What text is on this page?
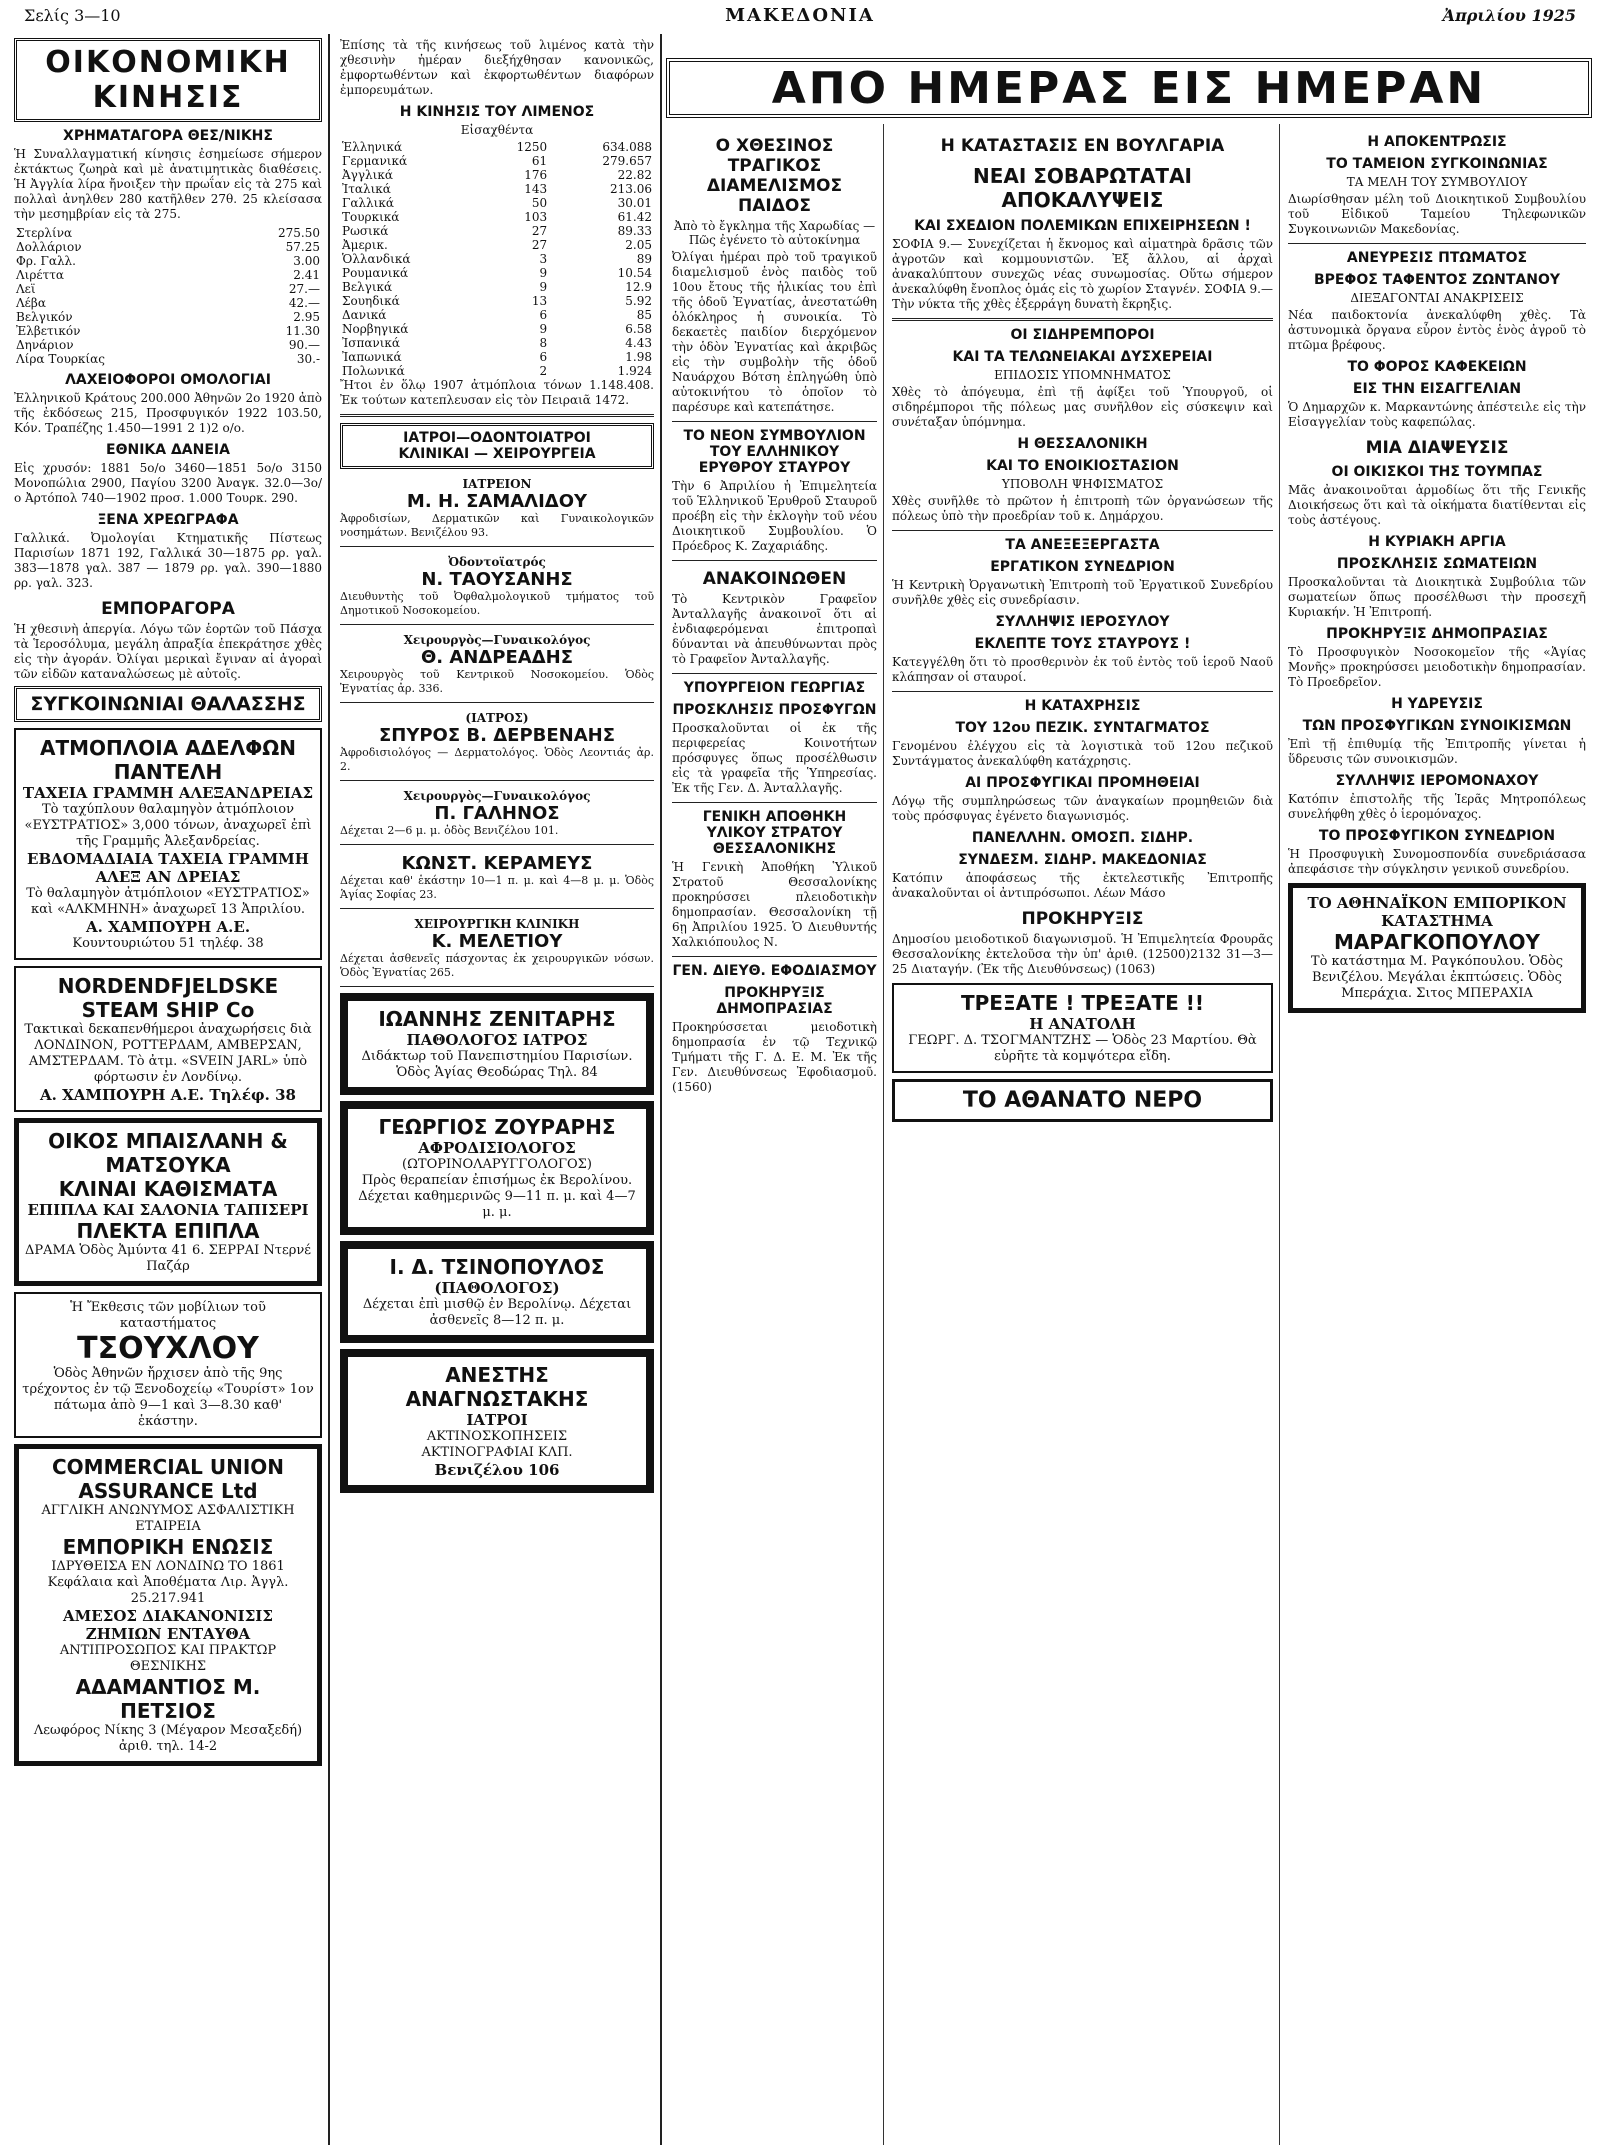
Σελίς 3—10	ΜΑΚΕΔΟΝΙΑ	Ἀπριλίου 1925
ΑΠΟ ΗΜΕΡΑΣ ΕΙΣ ΗΜΕΡΑΝ
ΟΙΚΟΝΟΜΙΚΗ ΚΙΝΗΣΙΣ
ΧΡΗΜΑΤΑΓΟΡΑ ΘΕΣ/ΝΙΚΗΣ
Ἡ Συναλλαγματική κίνησις ἐσημείωσε σήμερον ἐκτάκτως ζωηρὰ καὶ μὲ ἀνατιμητικὰς διαθέσεις. Ἡ Ἀγγλία λίρα ἤνοιξεν τὴν πρωΐαν εἰς τὰ 275 καὶ πολλαὶ ἀνηλθεν 280 κατῆλθεν 27θ. 25 κλείσασα τὴν μεσημβρίαν εἰς τὰ 275.
Στερλίνα	275.50
Δολλάριον	57.25
Φρ. Γαλλ.	3.00
Λιρέττα	2.41
Λεϊ	27.—
Λέβα	42.—
Βελγικόν	2.95
Ἐλβετικόν	11.30
Δηνάριον	90.—
Λίρα Τουρκίας	30.-
ΛΑΧΕΙΟΦΟΡΟΙ ΟΜΟΛΟΓΙΑΙ
Ἐλληνικοῦ Κράτους 200.000 Ἀθηνῶν 2ο 1920 ἀπὸ τῆς ἐκδόσεως 215, Προσφυγικόν 1922 103.50, Κόν. Τραπέζης 1.450—1991 2 1)2 ο/ο.
ΕΘΝΙΚΑ ΔΑΝΕΙΑ
Εἰς χρυσόν: 1881 5ο/ο 3460—1851 5ο/ο 3150 Μονοπώλια 2900, Παγίου 3200 Ἀναγκ. 32.0—3ο/ο Ἀρτόπολ 740—1902 προσ. 1.000 Τουρκ. 290.
ΞΕΝΑ ΧΡΕΩΓΡΑΦΑ
Γαλλικά. Ὀμολογίαι Κτηματικῆς Πίστεως Παρισίων 1871 192, Γαλλικά 30—1875 ρρ. γαλ. 383—1878 γαλ. 387 — 1879 ρρ. γαλ. 390—1880 ρρ. γαλ. 323.
ΕΜΠΟΡΑΓΟΡΑ
Ἡ χθεσινὴ ἀπεργία. Λόγω τῶν ἑορτῶν τοῦ Πάσχα τὰ Ἱεροσόλυμα, μεγάλη ἀπραξία ἐπεκράτησε χθὲς εἰς τὴν ἀγοράν. Ὀλίγαι μερικαὶ ἔγιναν αἱ ἀγοραὶ τῶν εἰδῶν καταναλώσεως μὲ αὐτοῖς.
ΣΥΓΚΟΙΝΩΝΙΑΙ ΘΑΛΑΣΣΗΣ
ΑΤΜΟΠΛΟΙΑ ΑΔΕΛΦΩΝ ΠΑΝΤΕΛΗ
ΤΑΧΕΙΑ ΓΡΑΜΜΗ ΑΛΕΞΑΝΔΡΕΙΑΣ
Τὸ ταχύπλουν θαλαμηγὸν ἀτμόπλοιον «ΕΥΣΤΡΑΤΙΟΣ» 3,000 τόνων, ἀναχωρεῖ ἐπὶ τῆς Γραμμῆς Ἀλεξανδρείας.
ΕΒΔΟΜΑΔΙΑΙΑ ΤΑΧΕΙΑ ΓΡΑΜΜΗ ΑΛΕΞ ΑΝ ΔΡΕΙΑΣ
Τὸ θαλαμηγὸν ἀτμόπλοιον «ΕΥΣΤΡΑΤΙΟΣ» καὶ «ΑΛΚΜΗΝΗ» ἀναχωρεῖ 13 Ἀπριλίου.
Α. ΧΑΜΠΟΥΡΗ Α.Ε.
Κουντουριώτου 51 τηλέφ. 38
NORDENDFJELDSKE STEAM SHIP Co
Τακτικαὶ δεκαπενθήμεροι ἀναχωρήσεις διὰ ΛΟΝΔΙΝΟΝ, ΡΟΤΤΕΡΔΑΜ, ΑΜΒΕΡΣΑΝ, ΑΜΣΤΕΡΔΑΜ. Τὸ ἀτμ. «SVEIN JARL» ὑπὸ φόρτωσιν ἐν Λονδίνῳ.
Α. ΧΑΜΠΟΥΡΗ Α.Ε. Τηλέφ. 38
ΟΙΚΟΣ ΜΠΑΙΣΛΑΝΗ & ΜΑΤΣΟΥΚΑ
ΚΛΙΝΑΙ ΚΑΘΙΣΜΑΤΑ
ΕΠΙΠΛΑ ΚΑΙ ΣΑΛΟΝΙΑ ΤΑΠΙΣΕΡΙ
ΠΛΕΚΤΑ ΕΠΙΠΛΑ
ΔΡΑΜΑ Ὁδὸς Ἀμύντα 41 6. ΣΕΡΡΑΙ Ντερνέ Παζάρ
Ἡ Ἔκθεσις τῶν μοβίλιων τοῦ καταστήματος
ΤΣΟΥΧΛΟΥ
Ὁδὸς Ἀθηνῶν ἤρχισεν ἀπὸ τῆς 9ης τρέχοντος ἐν τῷ Ξενοδοχείῳ «Τουρίστ» 1ον πάτωμα ἀπὸ 9—1 καὶ 3—8.30 καθ' ἑκάστην.
COMMERCIAL UNION ASSURANCE Ltd
ΑΓΓΛΙΚΗ ΑΝΩΝΥΜΟΣ ΑΣΦΑΛΙΣΤΙΚΗ ΕΤΑΙΡΕΙΑ
ΕΜΠΟΡΙΚΗ ΕΝΩΣΙΣ
ΙΔΡΥΘΕΙΣΑ ΕΝ ΛΟΝΔΙΝΩ ΤΟ 1861
Κεφάλαια καὶ Ἀποθέματα Λιρ. Ἀγγλ. 25.217.941
ΑΜΕΣΟΣ ΔΙΑΚΑΝΟΝΙΣΙΣ ΖΗΜΙΩΝ ΕΝΤΑΥΘΑ
ΑΝΤΙΠΡΟΣΩΠΟΣ ΚΑΙ ΠΡΑΚΤΩΡ ΘΕΣΝΙΚΗΣ
ΑΔΑΜΑΝΤΙΟΣ Μ. ΠΕΤΣΙΟΣ
Λεωφόρος Νίκης 3 (Μέγαρον Μεσαξεδή) ἀριθ. τηλ. 14-2
Ἐπίσης τὰ τῆς κινήσεως τοῦ λιμένος κατὰ τὴν χθεσινὴν ἡμέραν διεξήχθησαν κανονικῶς, ἐμφορτωθέντων καὶ ἐκφορτωθέντων διαφόρων ἐμπορευμάτων.
Η ΚΙΝΗΣΙΣ ΤΟΥ ΛΙΜΕΝΟΣ
Εἰσαχθέντα
Ἑλληνικά	1250	634.088
Γερμανικά	61	279.657
Ἀγγλικά	176	22.82
Ἰταλικά	143	213.06
Γαλλικά	50	30.01
Τουρκικά	103	61.42
Ρωσικά	27	89.33
Ἀμερικ.	27	2.05
Ὁλλανδικά	3	89
Ρουμανικά	9	10.54
Βελγικά	9	12.9
Σουηδικά	13	5.92
Δανικά	6	85
Νορβηγικά	9	6.58
Ἰσπανικά	8	4.43
Ἰαπωνικά	6	1.98
Πολωνικά	2	1.924
Ἤτοι ἐν ὅλῳ 1907 ἀτμόπλοια τόνων 1.148.408. Ἐκ τούτων κατεπλευσαν εἰς τὸν Πειραιᾶ 1472.
ΙΑΤΡΟΙ—ΟΔΟΝΤΟΙΑΤΡΟΙ
ΚΛΙΝΙΚΑΙ — ΧΕΙΡΟΥΡΓΕΙΑ
ΙΑΤΡΕΙΟΝ
Μ. Η. ΣΑΜΑΛΙΔΟΥ
Ἀφροδισίων, Δερματικῶν καὶ Γυναικολογικῶν νοσημάτων. Βενιζέλου 93.
Ὀδοντοϊατρός
Ν. ΤΑΟΥΣΑΝΗΣ
Διευθυντὴς τοῦ Ὀφθαλμολογικοῦ τμήματος τοῦ Δημοτικοῦ Νοσοκομείου.
Χειρουργὸς—Γυναικολόγος
Θ. ΑΝΔΡΕΑΔΗΣ
Χειρουργὸς τοῦ Κεντρικοῦ Νοσοκομείου. Ὁδὸς Ἐγνατίας ἀρ. 336.
(ΙΑΤΡΟΣ)
ΣΠΥΡΟΣ Β. ΔΕΡΒΕΝΑΗΣ
Ἀφροδισιολόγος — Δερματολόγος. Ὁδὸς Λεοντιάς ἀρ. 2.
Χειρουργὸς—Γυναικολόγος
Π. ΓΑΛΗΝΟΣ
Δέχεται 2—6 μ. μ. ὁδὸς Βενιζέλου 101.
ΚΩΝΣΤ. ΚΕΡΑΜΕΥΣ
Δέχεται καθ' ἑκάστην 10—1 π. μ. καὶ 4—8 μ. μ. Ὁδὸς Ἁγίας Σοφίας 23.
ΧΕΙΡΟΥΡΓΙΚΗ ΚΛΙΝΙΚΗ
Κ. ΜΕΛΕΤΙΟΥ
Δέχεται ἀσθενεῖς πάσχοντας ἐκ χειρουργικῶν νόσων. Ὁδὸς Ἐγνατίας 265.
ΙΩΑΝΝΗΣ ΖΕΝΙΤΑΡΗΣ
ΠΑΘΟΛΟΓΟΣ ΙΑΤΡΟΣ
Διδάκτωρ τοῦ Πανεπιστημίου Παρισίων. Ὁδὸς Ἁγίας Θεοδώρας Τηλ. 84
ΓΕΩΡΓΙΟΣ ΖΟΥΡΑΡΗΣ
ΑΦΡΟΔΙΣΙΟΛΟΓΟΣ
(ΩΤΟΡΙΝΟΛΑΡΥΓΓΟΛΟΓΟΣ)
Πρὸς θεραπείαν ἐπισήμως ἐκ Βερολίνου. Δέχεται καθημερινῶς 9—11 π. μ. καὶ 4—7 μ. μ.
Ι. Δ. ΤΣΙΝΟΠΟΥΛΟΣ
(ΠΑΘΟΛΟΓΟΣ)
Δέχεται ἐπὶ μισθῷ ἐν Βερολίνῳ. Δέχεται ἀσθενεῖς 8—12 π. μ.
ΑΝΕΣΤΗΣ ΑΝΑΓΝΩΣΤΑΚΗΣ
ΙΑΤΡΟΙ
ΑΚΤΙΝΟΣΚΟΠΗΣΕΙΣ
ΑΚΤΙΝΟΓΡΑΦΙΑΙ ΚΛΠ.
Βενιζέλου 106
Ο ΧΘΕΣΙΝΟΣ ΤΡΑΓΙΚΟΣ ΔΙΑΜΕΛΙΣΜΟΣ ΠΑΙΔΟΣ
Ἀπὸ τὸ ἔγκλημα τῆς Χαρωδίας — Πῶς ἐγένετο τὸ αὐτοκίνημα
Ὀλίγαι ἡμέραι πρὸ τοῦ τραγικοῦ διαμελισμοῦ ἑνὸς παιδὸς τοῦ 10ου ἔτους τῆς ἡλικίας του ἐπὶ τῆς ὁδοῦ Ἐγνατίας, ἀνεστατώθη ὁλόκληρος ἡ συνοικία. Τὸ δεκαετὲς παιδίον διερχόμενον τὴν ὁδὸν Ἐγνατίας καὶ ἀκριβῶς εἰς τὴν συμβολὴν τῆς ὁδοῦ Ναυάρχου Βότση ἐπληγώθη ὑπὸ αὐτοκινήτου τὸ ὁποῖον τὸ παρέσυρε καὶ κατεπάτησε.
ΤΟ ΝΕΟΝ ΣΥΜΒΟΥΛΙΟΝ ΤΟΥ ΕΛΛΗΝΙΚΟΥ ΕΡΥΘΡΟΥ ΣΤΑΥΡΟΥ
Τὴν 6 Ἀπριλίου ἡ Ἐπιμελητεία τοῦ Ἑλληνικοῦ Ἐρυθροῦ Σταυροῦ προέβη εἰς τὴν ἐκλογὴν τοῦ νέου Διοικητικοῦ Συμβουλίου. Ὁ Πρόεδρος Κ. Ζαχαριάδης.
ΑΝΑΚΟΙΝΩΘΕΝ
Τὸ Κεντρικὸν Γραφεῖον Ἀνταλλαγῆς ἀνακοινοῖ ὅτι αἱ ἐνδιαφερόμεναι ἐπιτροπαὶ δύνανται νὰ ἀπευθύνωνται πρὸς τὸ Γραφεῖον Ἀνταλλαγῆς.
ΥΠΟΥΡΓΕΙΟΝ ΓΕΩΡΓΙΑΣ
ΠΡΟΣΚΛΗΣΙΣ ΠΡΟΣΦΥΓΩΝ
Προσκαλοῦνται οἱ ἐκ τῆς περιφερείας Κοινοτήτων πρόσφυγες ὅπως προσέλθωσιν εἰς τὰ γραφεῖα τῆς Ὑπηρεσίας. Ἐκ τῆς Γεν. Δ. Ἀνταλλαγῆς.
ΓΕΝΙΚΗ ΑΠΟΘΗΚΗ ΥΛΙΚΟΥ ΣΤΡΑΤΟΥ ΘΕΣΣΑΛΟΝΙΚΗΣ
Ἡ Γενικὴ Ἀποθήκη Ὑλικοῦ Στρατοῦ Θεσσαλονίκης προκηρύσσει πλειοδοτικὴν δημοπρασίαν. Θεσσαλονίκη τῇ 6ῃ Ἀπριλίου 1925. Ὁ Διευθυντής Χαλκιόπουλος Ν.
ΓΕΝ. ΔΙΕΥΘ. ΕΦΟΔΙΑΣΜΟΥ
ΠΡΟΚΗΡΥΞΙΣ ΔΗΜΟΠΡΑΣΙΑΣ
Προκηρύσσεται μειοδοτικὴ δημοπρασία ἐν τῷ Τεχνικῷ Τμήματι τῆς Γ. Δ. Ε. Μ. Ἐκ τῆς Γεν. Διευθύνσεως Ἐφοδιασμοῦ. (1560)
Η ΚΑΤΑΣΤΑΣΙΣ ΕΝ ΒΟΥΛΓΑΡΙΑ
ΝΕΑΙ ΣΟΒΑΡΩΤΑΤΑΙ ΑΠΟΚΑΛΥΨΕΙΣ
ΚΑΙ ΣΧΕΔΙΟΝ ΠΟΛΕΜΙΚΩΝ ΕΠΙΧΕΙΡΗΣΕΩΝ !
ΣΟΦΙΑ 9.— Συνεχίζεται ἡ ἔκνομος καὶ αἱματηρὰ δρᾶσις τῶν ἀγροτῶν καὶ κομμουνιστῶν. Ἐξ ἄλλου, αἱ ἀρχαὶ ἀνακαλύπτουν συνεχῶς νέας συνωμοσίας. Οὕτω σήμερον ἀνεκαλύφθη ἔνοπλος ὁμάς εἰς τὸ χωρίον Σταγνέν. ΣΟΦΙΑ 9.— Τὴν νύκτα τῆς χθὲς ἐξερράγη δυνατὴ ἔκρηξις.
ΟΙ ΣΙΔΗΡΕΜΠΟΡΟΙ
ΚΑΙ ΤΑ ΤΕΛΩΝΕΙΑΚΑΙ ΔΥΣΧΕΡΕΙΑΙ
ΕΠΙΔΟΣΙΣ ΥΠΟΜΝΗΜΑΤΟΣ
Χθὲς τὸ ἀπόγευμα, ἐπὶ τῇ ἀφίξει τοῦ Ὑπουργοῦ, οἱ σιδηρέμποροι τῆς πόλεως μας συνῆλθον εἰς σύσκεψιν καὶ συνέταξαν ὑπόμνημα.
Η ΘΕΣΣΑΛΟΝΙΚΗ
ΚΑΙ ΤΟ ΕΝΟΙΚΙΟΣΤΑΣΙΟΝ
ΥΠΟΒΟΛΗ ΨΗΦΙΣΜΑΤΟΣ
Χθὲς συνῆλθε τὸ πρῶτον ἡ ἐπιτροπὴ τῶν ὀργανώσεων τῆς πόλεως ὑπὸ τὴν προεδρίαν τοῦ κ. Δημάρχου.
ΤΑ ΑΝΕΞΕΞΕΡΓΑΣΤΑ
ΕΡΓΑΤΙΚΟΝ ΣΥΝΕΔΡΙΟΝ
Ἡ Κεντρικὴ Ὀργανωτικὴ Ἐπιτροπὴ τοῦ Ἐργατικοῦ Συνεδρίου συνῆλθε χθὲς εἰς συνεδρίασιν.
ΣΥΛΛΗΨΙΣ ΙΕΡΟΣΥΛΟΥ
ΕΚΛΕΠΤΕ ΤΟΥΣ ΣΤΑΥΡΟΥΣ !
Κατεγγέλθη ὅτι τὸ προσθερινὸν ἐκ τοῦ ἐντὸς τοῦ ἱεροῦ Ναοῦ κλάπησαν οἱ σταυροί.
Η ΚΑΤΑΧΡΗΣΙΣ
ΤΟΥ 12ου ΠΕΖΙΚ. ΣΥΝΤΑΓΜΑΤΟΣ
Γενομένου ἐλέγχου εἰς τὰ λογιστικὰ τοῦ 12ου πεζικοῦ Συντάγματος ἀνεκαλύφθη κατάχρησις.
ΑΙ ΠΡΟΣΦΥΓΙΚΑΙ ΠΡΟΜΗΘΕΙΑΙ
Λόγῳ τῆς συμπληρώσεως τῶν ἀναγκαίων προμηθειῶν διὰ τοὺς πρόσφυγας ἐγένετο διαγωνισμός.
ΠΑΝΕΛΛΗΝ. ΟΜΟΣΠ. ΣΙΔΗΡ.
ΣΥΝΔΕΣΜ. ΣΙΔΗΡ. ΜΑΚΕΔΟΝΙΑΣ
Κατόπιν ἀποφάσεως τῆς ἐκτελεστικῆς Ἐπιτροπῆς ἀνακαλοῦνται οἱ ἀντιπρόσωποι. Λέων Μάσο
ΠΡΟΚΗΡΥΞΙΣ
Δημοσίου μειοδοτικοῦ διαγωνισμοῦ. Ἡ Ἐπιμελητεία Φρουρᾶς Θεσσαλονίκης ἐκτελοῦσα τὴν ὑπ' ἀριθ. (12500)2132 31—3—25 Διαταγήν. (Ἐκ τῆς Διευθύνσεως) (1063)
ΤΡΕΞΑΤΕ ! ΤΡΕΞΑΤΕ !!
Η ΑΝΑΤΟΛΗ
ΓΕΩΡΓ. Δ. ΤΣΟΓΜΑΝΤΖΗΣ — Ὁδὸς 23 Μαρτίου. Θὰ εὑρῆτε τὰ κομψότερα εἴδη.
ΤΟ ΑΘΑΝΑΤΟ ΝΕΡΟ
Η ΑΠΟΚΕΝΤΡΩΣΙΣ
ΤΟ ΤΑΜΕΙΟΝ ΣΥΓΚΟΙΝΩΝΙΑΣ
ΤΑ ΜΕΛΗ ΤΟΥ ΣΥΜΒΟΥΛΙΟΥ
Διωρίσθησαν μέλη τοῦ Διοικητικοῦ Συμβουλίου τοῦ Εἰδικοῦ Ταμείου Τηλεφωνικῶν Συγκοινωνιῶν Μακεδονίας.
ΑΝΕΥΡΕΣΙΣ ΠΤΩΜΑΤΟΣ
ΒΡΕΦΟΣ ΤΑΦΕΝΤΟΣ ΖΩΝΤΑΝΟΥ
ΔΙΕΞΑΓΟΝΤΑΙ ΑΝΑΚΡΙΣΕΙΣ
Νέα παιδοκτονία ἀνεκαλύφθη χθὲς. Τὰ ἀστυνομικὰ ὄργανα εὗρον ἐντὸς ἑνὸς ἀγροῦ τὸ πτῶμα βρέφους.
ΤΟ ΦΟΡΟΣ ΚΑΦΕΚΕΙΩΝ
ΕΙΣ ΤΗΝ ΕΙΣΑΓΓΕΛΙΑΝ
Ὁ Δημαρχῶν κ. Μαρκαντώνης ἀπέστειλε εἰς τὴν Εἰσαγγελίαν τοὺς καφεπώλας.
ΜΙΑ ΔΙΑΨΕΥΣΙΣ
ΟΙ ΟΙΚΙΣΚΟΙ ΤΗΣ ΤΟΥΜΠΑΣ
Μᾶς ἀνακοινοῦται ἀρμοδίως ὅτι τῆς Γενικῆς Διοικήσεως ὅτι καὶ τὰ οἰκήματα διατίθενται εἰς τοὺς ἀστέγους.
Η ΚΥΡΙΑΚΗ ΑΡΓΙΑ
ΠΡΟΣΚΛΗΣΙΣ ΣΩΜΑΤΕΙΩΝ
Προσκαλοῦνται τὰ Διοικητικὰ Συμβούλια τῶν σωματείων ὅπως προσέλθωσι τὴν προσεχῆ Κυριακήν. Ἡ Ἐπιτροπή.
ΠΡΟΚΗΡΥΞΙΣ ΔΗΜΟΠΡΑΣΙΑΣ
Τὸ Προσφυγικὸν Νοσοκομεῖον τῆς «Ἁγίας Μονῆς» προκηρύσσει μειοδοτικὴν δημοπρασίαν. Τὸ Προεδρεῖον.
Η ΥΔΡΕΥΣΙΣ
ΤΩΝ ΠΡΟΣΦΥΓΙΚΩΝ ΣΥΝΟΙΚΙΣΜΩΝ
Ἐπὶ τῇ ἐπιθυμίᾳ τῆς Ἐπιτροπῆς γίνεται ἡ ὕδρευσις τῶν συνοικισμῶν.
ΣΥΛΛΗΨΙΣ ΙΕΡΟΜΟΝΑΧΟΥ
Κατόπιν ἐπιστολῆς τῆς Ἱερᾶς Μητροπόλεως συνελήφθη χθὲς ὁ ἱερομόναχος.
ΤΟ ΠΡΟΣΦΥΓΙΚΟΝ ΣΥΝΕΔΡΙΟΝ
Ἡ Προσφυγικὴ Συνομοσπονδία συνεδριάσασα ἀπεφάσισε τὴν σύγκλησιν γενικοῦ συνεδρίου.
ΤΟ ΑΘΗΝΑΪΚΟΝ ΕΜΠΟΡΙΚΟΝ ΚΑΤΑΣΤΗΜΑ
ΜΑΡΑΓΚΟΠΟΥΛΟΥ
Τὸ κατάστημα Μ. Ραγκόπουλου. Ὁδὸς Βενιζέλου. Μεγάλαι ἐκπτώσεις. Ὁδὸς Μπεράχια. Σιτος ΜΠΕΡΑΧΙΑ
